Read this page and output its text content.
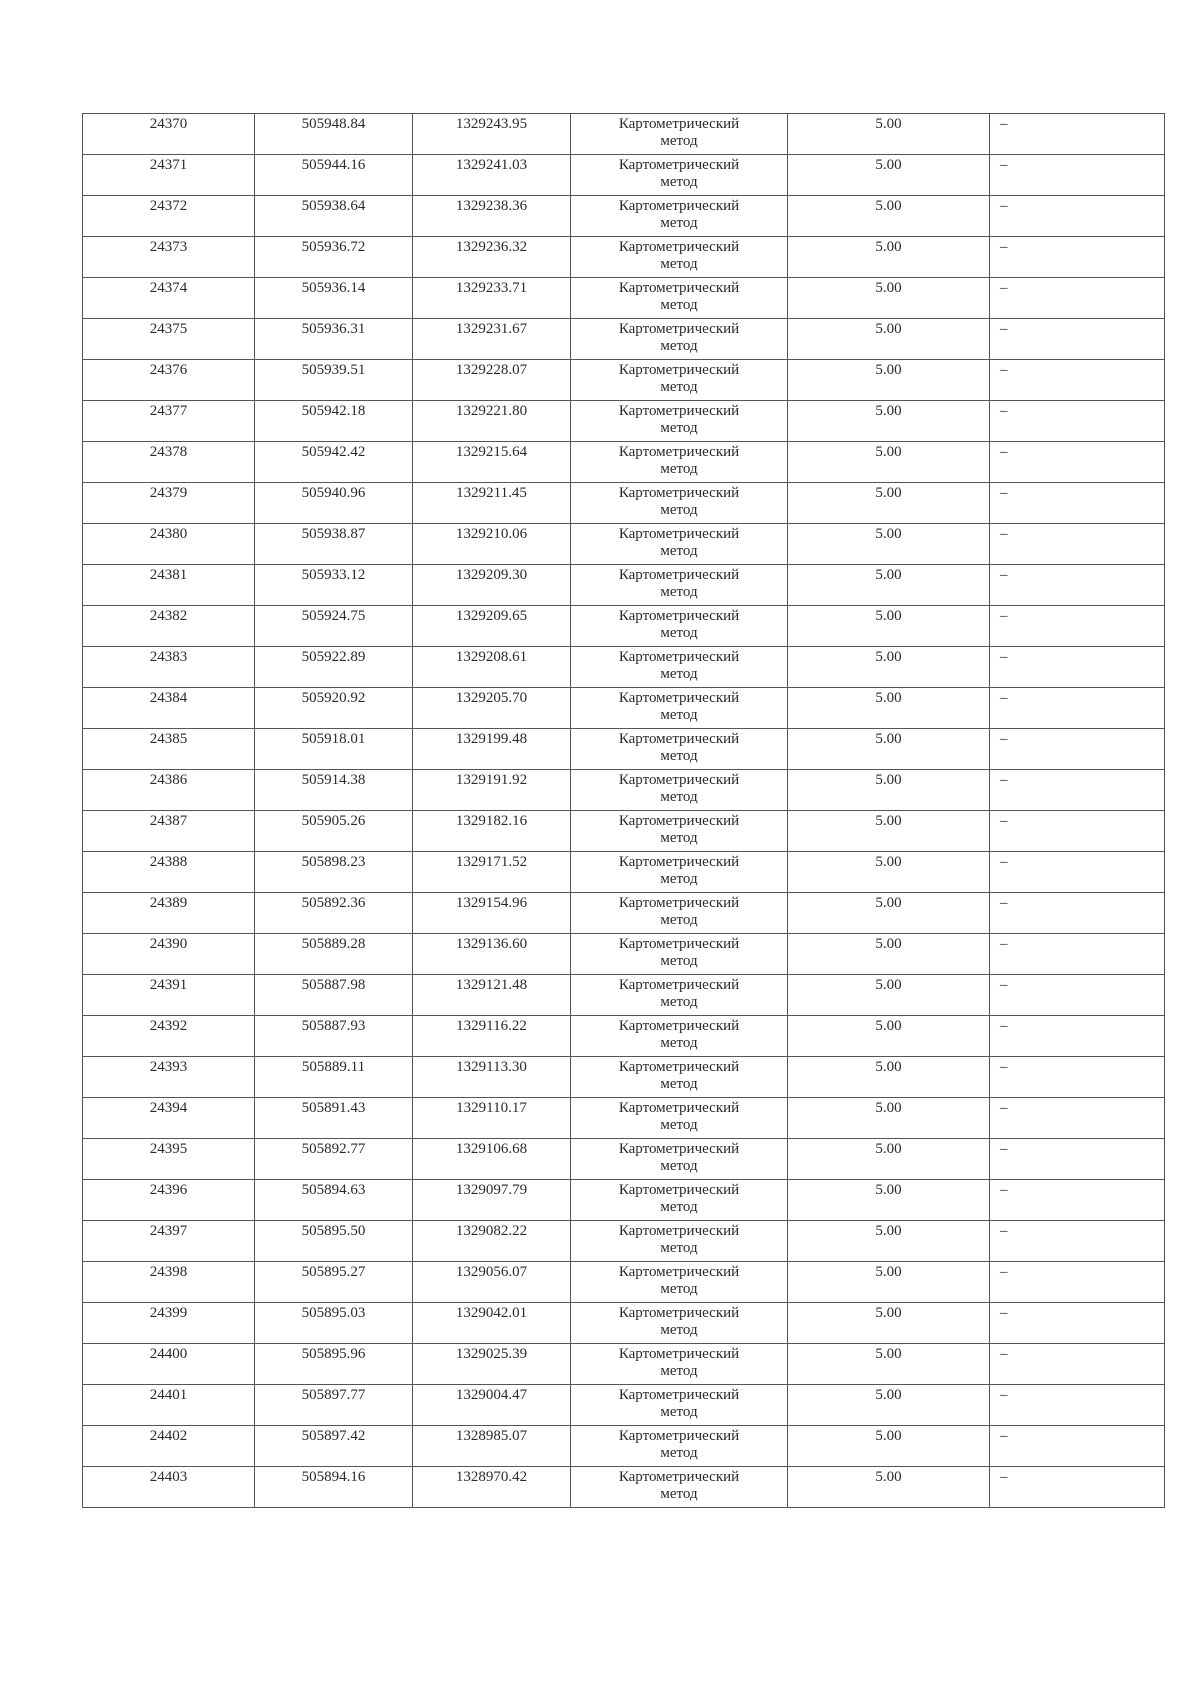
24370	505948.84	1329243.95	Картометрический
метод	5.00	–

24371	505944.16	1329241.03	Картометрический
метод	5.00	–

24372	505938.64	1329238.36	Картометрический
метод	5.00	–

24373	505936.72	1329236.32	Картометрический
метод	5.00	–

24374	505936.14	1329233.71	Картометрический
метод	5.00	–

24375	505936.31	1329231.67	Картометрический
метод	5.00	–

24376	505939.51	1329228.07	Картометрический
метод	5.00	–

24377	505942.18	1329221.80	Картометрический
метод	5.00	–

24378	505942.42	1329215.64	Картометрический
метод	5.00	–

24379	505940.96	1329211.45	Картометрический
метод	5.00	–

24380	505938.87	1329210.06	Картометрический
метод	5.00	–

24381	505933.12	1329209.30	Картометрический
метод	5.00	–

24382	505924.75	1329209.65	Картометрический
метод	5.00	–

24383	505922.89	1329208.61	Картометрический
метод	5.00	–

24384	505920.92	1329205.70	Картометрический
метод	5.00	–

24385	505918.01	1329199.48	Картометрический
метод	5.00	–

24386	505914.38	1329191.92	Картометрический
метод	5.00	–

24387	505905.26	1329182.16	Картометрический
метод	5.00	–

24388	505898.23	1329171.52	Картометрический
метод	5.00	–

24389	505892.36	1329154.96	Картометрический
метод	5.00	–

24390	505889.28	1329136.60	Картометрический
метод	5.00	–

24391	505887.98	1329121.48	Картометрический
метод	5.00	–

24392	505887.93	1329116.22	Картометрический
метод	5.00	–

24393	505889.11	1329113.30	Картометрический
метод	5.00	–

24394	505891.43	1329110.17	Картометрический
метод	5.00	–

24395	505892.77	1329106.68	Картометрический
метод	5.00	–

24396	505894.63	1329097.79	Картометрический
метод	5.00	–

24397	505895.50	1329082.22	Картометрический
метод	5.00	–

24398	505895.27	1329056.07	Картометрический
метод	5.00	–

24399	505895.03	1329042.01	Картометрический
метод	5.00	–

24400	505895.96	1329025.39	Картометрический
метод	5.00	–

24401	505897.77	1329004.47	Картометрический
метод	5.00	–

24402	505897.42	1328985.07	Картометрический
метод	5.00	–

24403	505894.16	1328970.42	Картометрический
метод	5.00	–
